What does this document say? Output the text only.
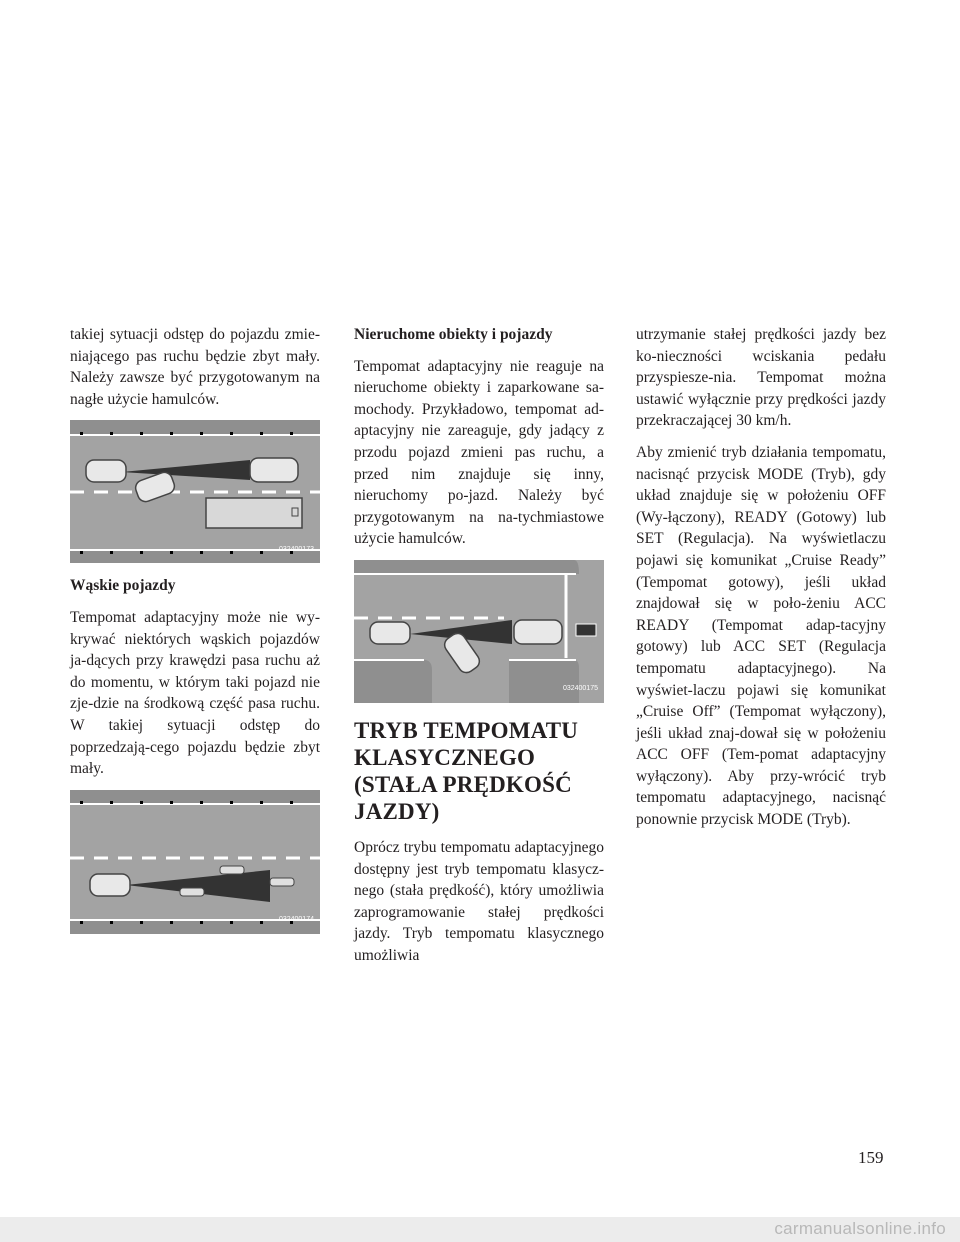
takiej sytuacji odstęp do pojazdu zmie-niającego pas ruchu będzie zbyt mały. Należy zawsze być przygotowanym na nagłe użycie hamulców.

032400173

Wąskie pojazdy

Tempomat adaptacyjny może nie wy-krywać niektórych wąskich pojazdów ja-dących przy krawędzi pasa ruchu aż do momentu, w którym taki pojazd nie zje-dzie na środkową część pasa ruchu. W takiej sytuacji odstęp do poprzedzają-cego pojazdu będzie zbyt mały.

032400174

Nieruchome obiekty i pojazdy

Tempomat adaptacyjny nie reaguje na nieruchome obiekty i zaparkowane sa-mochody. Przykładowo, tempomat ad-aptacyjny nie zareaguje, gdy jadący z przodu pojazd zmieni pas ruchu, a przed nim znajduje się inny, nieruchomy po-jazd. Należy być przygotowanym na na-tychmiastowe użycie hamulców.

032400175
TRYB TEMPOMATU KLASYCZNEGO (STAŁA PRĘDKOŚĆ JAZDY)

Oprócz trybu tempomatu adaptacyjnego dostępny jest tryb tempomatu klasycz-nego (stała prędkość), który umożliwia zaprogramowanie stałej prędkości jazdy. Tryb tempomatu klasycznego umożliwia

utrzymanie stałej prędkości jazdy bez ko-nieczności wciskania pedału przyspiesze-nia. Tempomat można ustawić wyłącznie przy prędkości jazdy przekraczającej 30 km/h.

Aby zmienić tryb działania tempomatu, nacisnąć przycisk MODE (Tryb), gdy układ znajduje się w położeniu OFF (Wy-łączony), READY (Gotowy) lub SET (Regulacja). Na wyświetlaczu pojawi się komunikat „Cruise Ready” (Tempomat gotowy), jeśli układ znajdował się w poło-żeniu ACC READY (Tempomat adap-tacyjny gotowy) lub ACC SET (Regulacja tempomatu adaptacyjnego). Na wyświet-laczu pojawi się komunikat „Cruise Off” (Tempomat wyłączony), jeśli układ znaj-dował się w położeniu ACC OFF (Tem-pomat adaptacyjny wyłączony). Aby przy-wrócić tryb tempomatu adaptacyjnego, nacisnąć ponownie przycisk MODE (Tryb).

159
carmanualsonline.info
